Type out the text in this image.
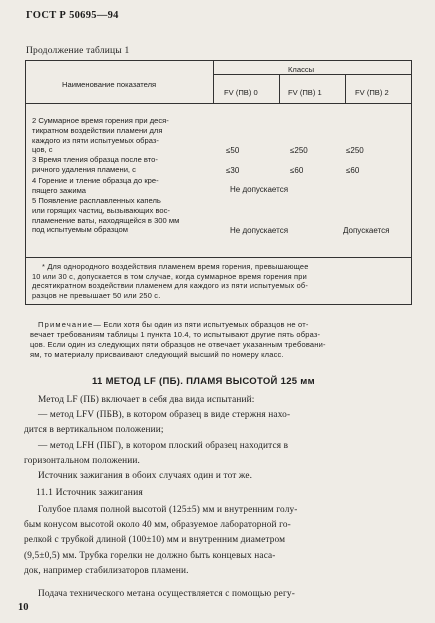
ГОСТ Р 50695—94
Продолжение таблицы 1
Наименование показателя
Классы
FV (ПВ) 0	FV (ПВ) 1	FV (ПВ) 2
2 Суммарное время горения при деся-
тикратном воздействии пламени для
каждого из пяти испытуемых образ-
цов, с	≤50	≤250	≤250
3 Время тления образца после вто-
ричного удаления пламени, с	≤30	≤60	≤60
4 Горение и тление образца до кре-
пящего зажима	Не допускается
5 Появление расплавленных капель
или горящих частиц, вызывающих вос-
пламенение ваты, находящейся в 300 мм
под испытуемым образцом	Не допускается	Допускается
* Для однородного воздействия пламенем время горения, превышающее
10 или 30 с, допускается в том случае, когда суммарное время горения при
десятикратном воздействии пламенем для каждого из пяти испытуемых об-
разцов не превышает 50 или 250 с.
Примечание— Если хотя бы один из пяти испытуемых образцов не от-
вечает требованиям таблицы 1 пункта 10.4, то испытывают другие пять образ-
цов. Если один из следующих пяти образцов не отвечает указанным требовани-
ям, то материалу присваивают следующий высший по номеру класс.
11 МЕТОД LF (ПБ). ПЛАМЯ ВЫСОТОЙ 125 мм
Метод LF (ПБ) включает в себя два вида испытаний:
— метод LFV (ПБВ), в котором образец в виде стержня нахо-
дится в вертикальном положении;
— метод LFH (ПБГ), в котором плоский образец находится в
горизонтальном положении.
Источник зажигания в обоих случаях один и тот же.
11.1 Источник зажигания
Голубое пламя полной высотой (125±5) мм и внутренним голу-
бым конусом высотой около 40 мм, образуемое лабораторной го-
релкой с трубкой длиной (100±10) мм и внутренним диаметром
(9,5±0,5) мм. Трубка горелки не должно быть концевых насa-
док, например стабилизаторов пламени.
Подача технического метана осуществляется с помощью регу-
10
